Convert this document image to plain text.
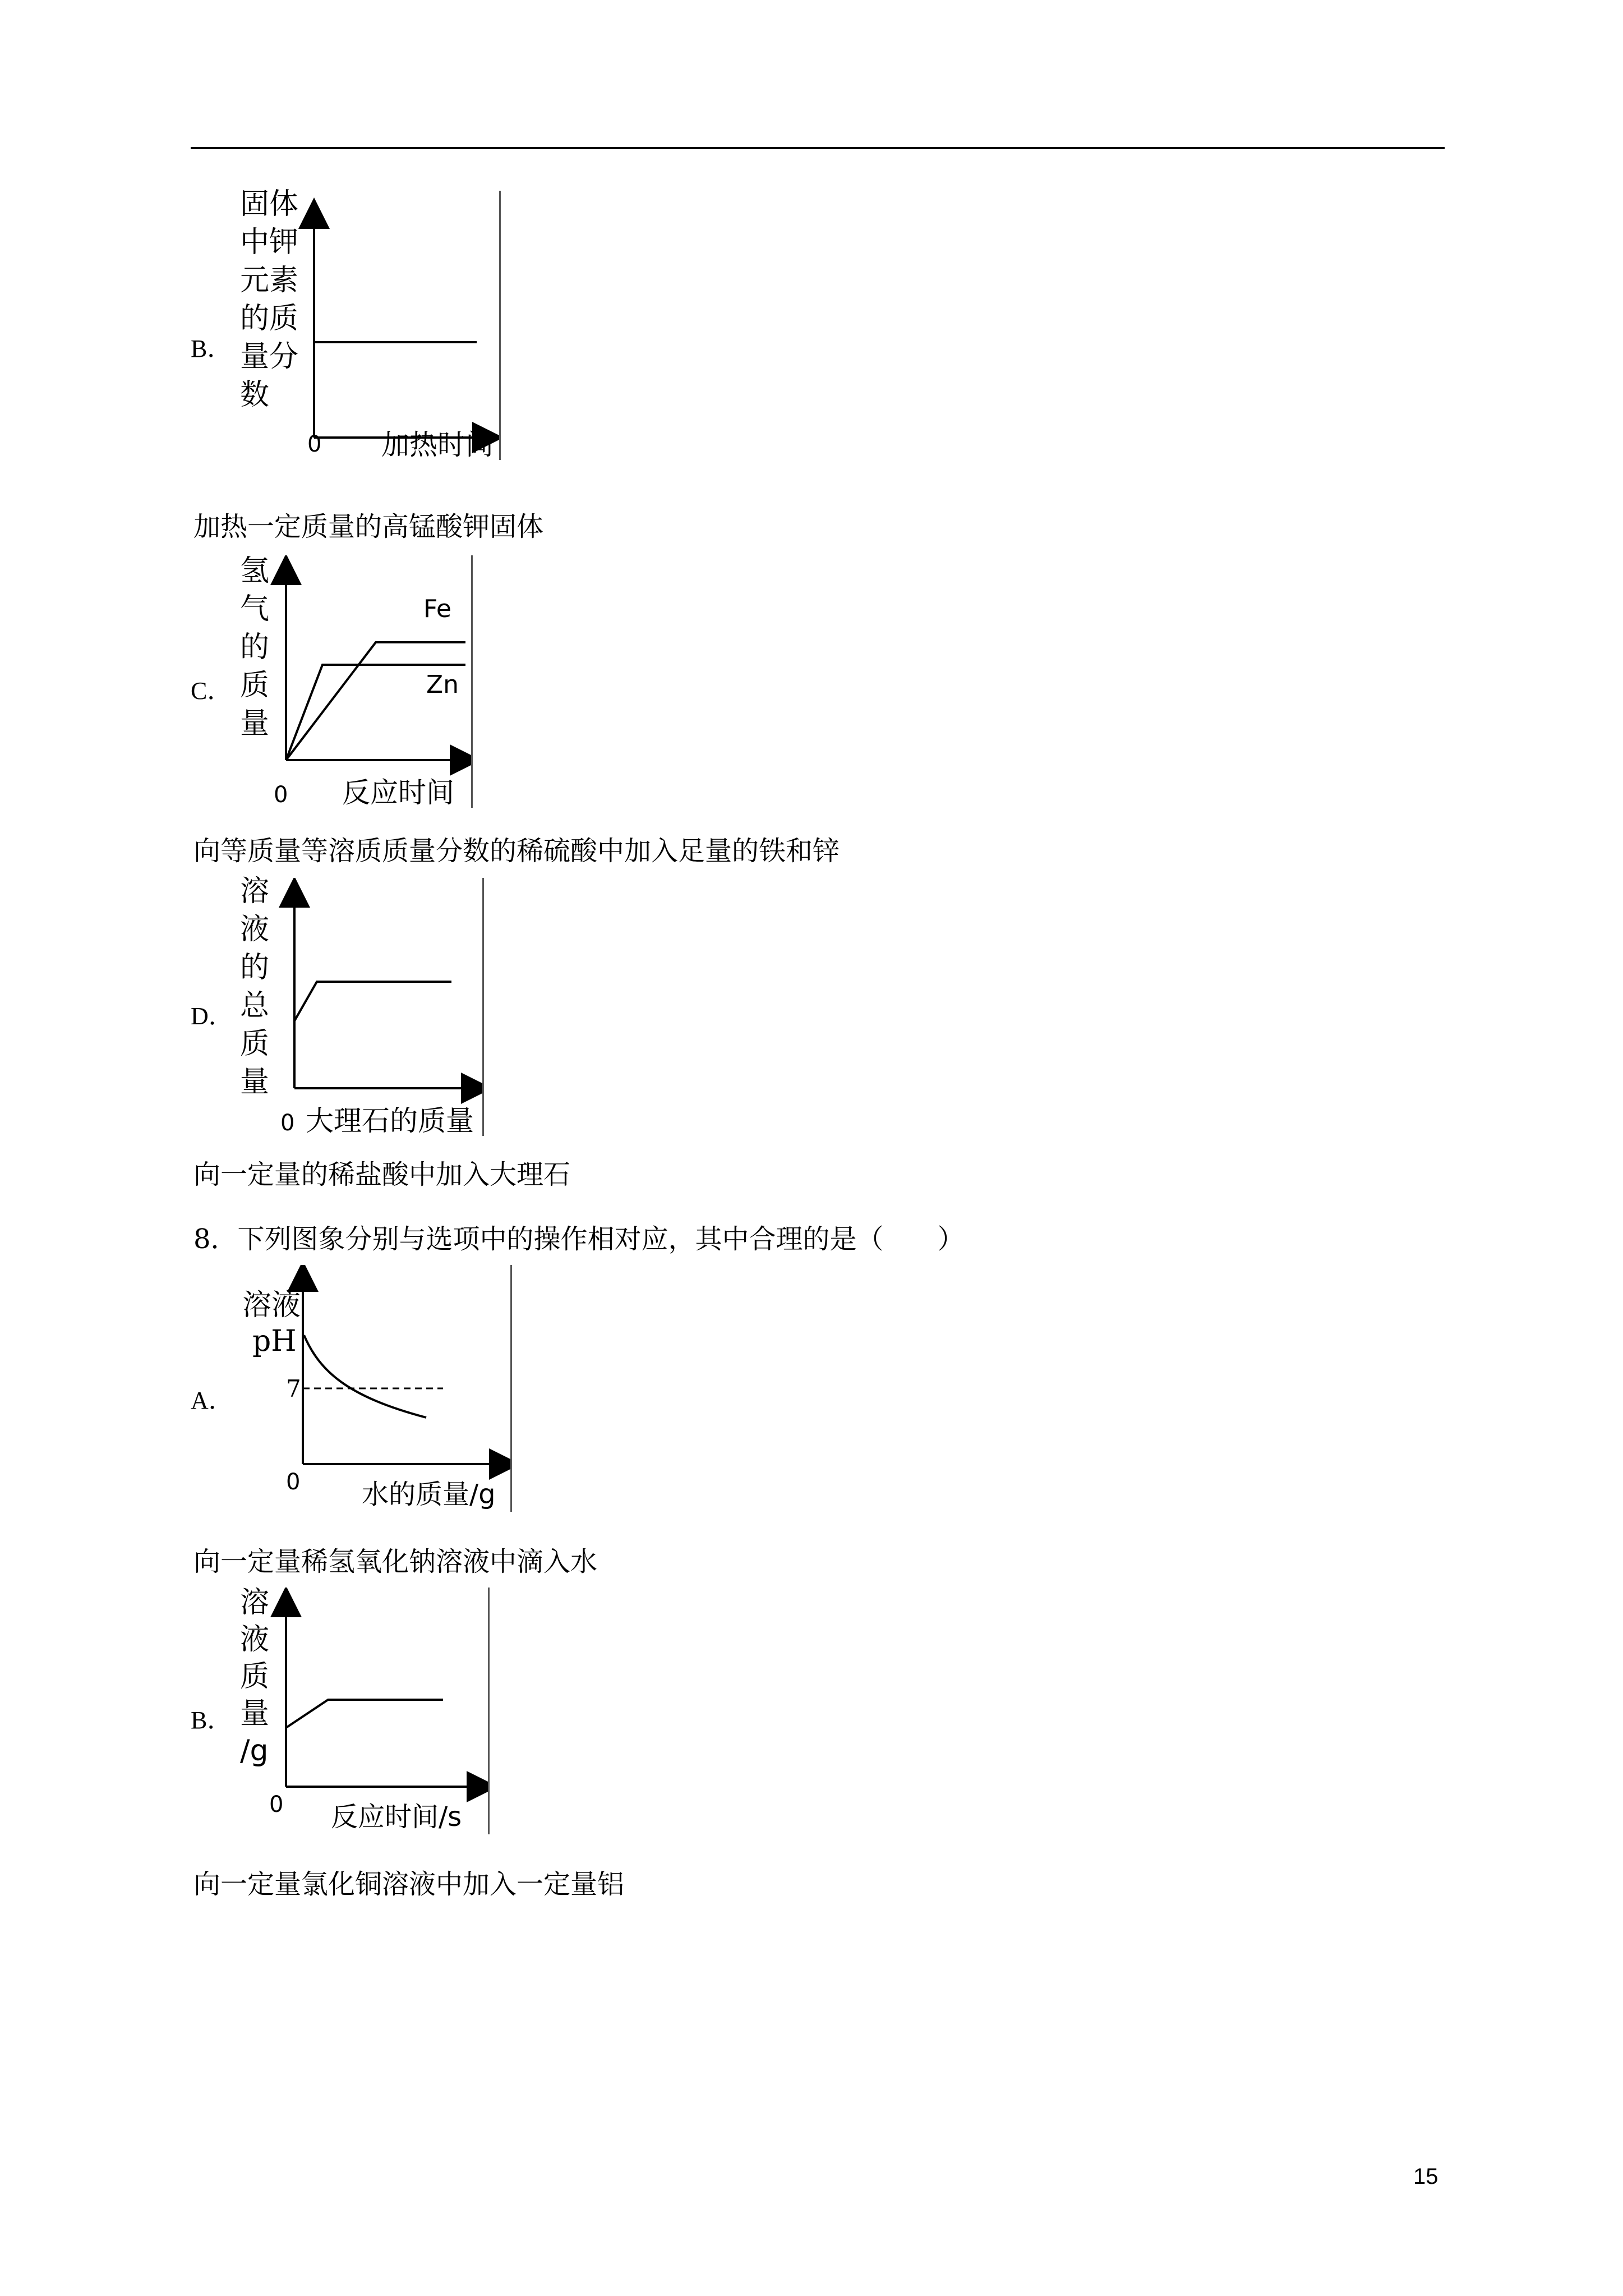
B．
0 加热时间
固体
中钾
元素
的质
量分
数
加热一定质量的高锰酸钾固体
C．
Fe
Zn
0 反应时间
氢
气
的
质
量
向等质量等溶质质量分数的稀硫酸中加入足量的铁和锌
D．
0 大理石的质量
溶
液
的
总
质
量
向一定量的稀盐酸中加入大理石
8．下列图象分别与选项中的操作相对应，其中合理的是（　　）
A． 7
0 水的质量/g
溶液
pH
向一定量稀氢氧化钠溶液中滴入水
B．
0 反应时间/s
溶
液
质
量
/g
向一定量氯化铜溶液中加入一定量铝
15
